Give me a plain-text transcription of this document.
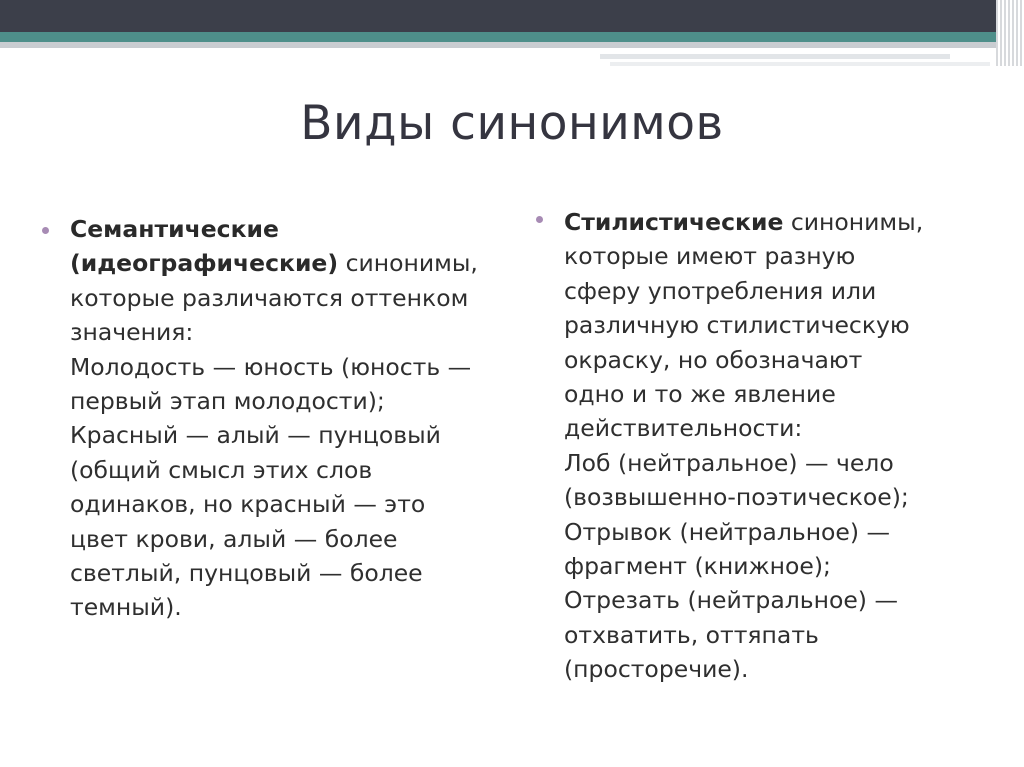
Виды синонимов
Семантические
(идеографические) синонимы,
которые различаются оттенком
значения:
Молодость — юность (юность —
первый этап молодости);
Красный — алый — пунцовый
(общий смысл этих слов
одинаков, но красный — это
цвет крови, алый — более
светлый, пунцовый — более
темный).
Стилистические синонимы,
которые имеют разную
сферу употребления или
различную стилистическую
окраску, но обозначают
одно и то же явление
действительности:
Лоб (нейтральное) — чело
(возвышенно-поэтическое);
Отрывок (нейтральное) —
фрагмент (книжное);
Отрезать (нейтральное) —
отхватить, оттяпать
(просторечие).
